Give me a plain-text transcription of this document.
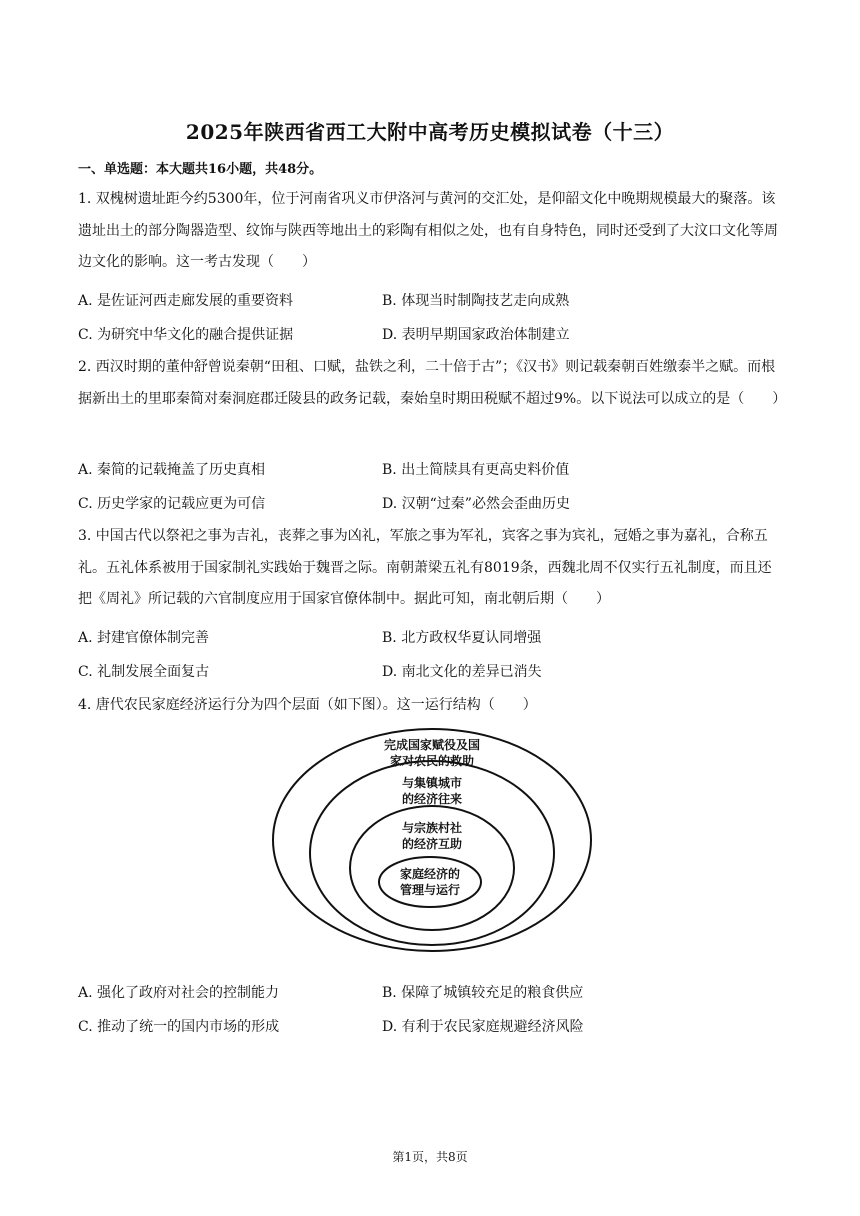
2025年陕西省西工大附中高考历史模拟试卷（十三）
一、单选题：本大题共16小题，共48分。
1. 双槐树遗址距今约5300年，位于河南省巩义市伊洛河与黄河的交汇处，是仰韶文化中晚期规模最大的聚落。该遗址出土的部分陶器造型、纹饰与陕西等地出土的彩陶有相似之处，也有自身特色，同时还受到了大汶口文化等周边文化的影响。这一考古发现（　　）
A. 是佐证河西走廊发展的重要资料	B. 体现当时制陶技艺走向成熟
C. 为研究中华文化的融合提供证据	D. 表明早期国家政治体制建立
2. 西汉时期的董仲舒曾说秦朝“田租、口赋，盐铁之利，二十倍于古”；《汉书》则记载秦朝百姓缴泰半之赋。而根据新出土的里耶秦简对秦洞庭郡迁陵县的政务记载，秦始皇时期田税赋不超过9%。以下说法可以成立的是（　　）
A. 秦简的记载掩盖了历史真相	B. 出土简牍具有更高史料价值
C. 历史学家的记载应更为可信	D. 汉朝“过秦”必然会歪曲历史
3. 中国古代以祭祀之事为吉礼，丧葬之事为凶礼，军旅之事为军礼，宾客之事为宾礼，冠婚之事为嘉礼，合称五礼。五礼体系被用于国家制礼实践始于魏晋之际。南朝萧梁五礼有8019条，西魏北周不仅实行五礼制度，而且还把《周礼》所记载的六官制度应用于国家官僚体制中。据此可知，南北朝后期（　　）
A. 封建官僚体制完善	B. 北方政权华夏认同增强
C. 礼制发展全面复古	D. 南北文化的差异已消失
4. 唐代农民家庭经济运行分为四个层面（如下图）。这一运行结构（　　）
完成国家赋役及国
家对农民的救助
与集镇城市
的经济往来
与宗族村社
的经济互助
家庭经济的
管理与运行
A. 强化了政府对社会的控制能力	B. 保障了城镇较充足的粮食供应
C. 推动了统一的国内市场的形成	D. 有利于农民家庭规避经济风险
第1页，共8页
